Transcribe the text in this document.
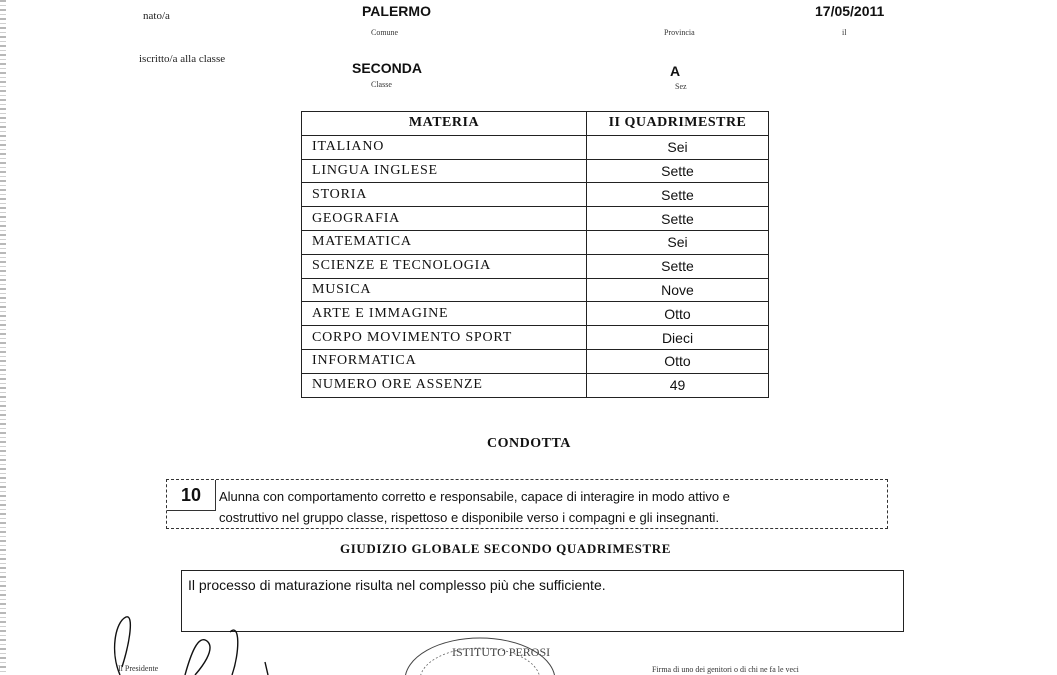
nato/a	PALERMO
Comune	Provincia
17/05/2011
il
iscritto/a alla classe
SECONDA
Classe
A
Sez
MATERIA	II QUADRIMESTRE
ITALIANO	Sei
LINGUA INGLESE	Sette
STORIA	Sette
GEOGRAFIA	Sette
MATEMATICA	Sei
SCIENZE E TECNOLOGIA	Sette
MUSICA	Nove
ARTE E IMMAGINE	Otto
CORPO MOVIMENTO SPORT	Dieci
INFORMATICA	Otto
NUMERO ORE ASSENZE	49
CONDOTTA
10	Alunna con comportamento corretto e responsabile, capace di interagire in modo attivo e
costruttivo nel gruppo classe, rispettoso e disponibile verso i compagni e gli insegnanti.
GIUDIZIO GLOBALE SECONDO QUADRIMESTRE
Il processo di maturazione risulta nel complesso più che sufficiente.
Il Presidente
ISTITUTO PEROSI
Firma di uno dei genitori o di chi ne fa le veci
